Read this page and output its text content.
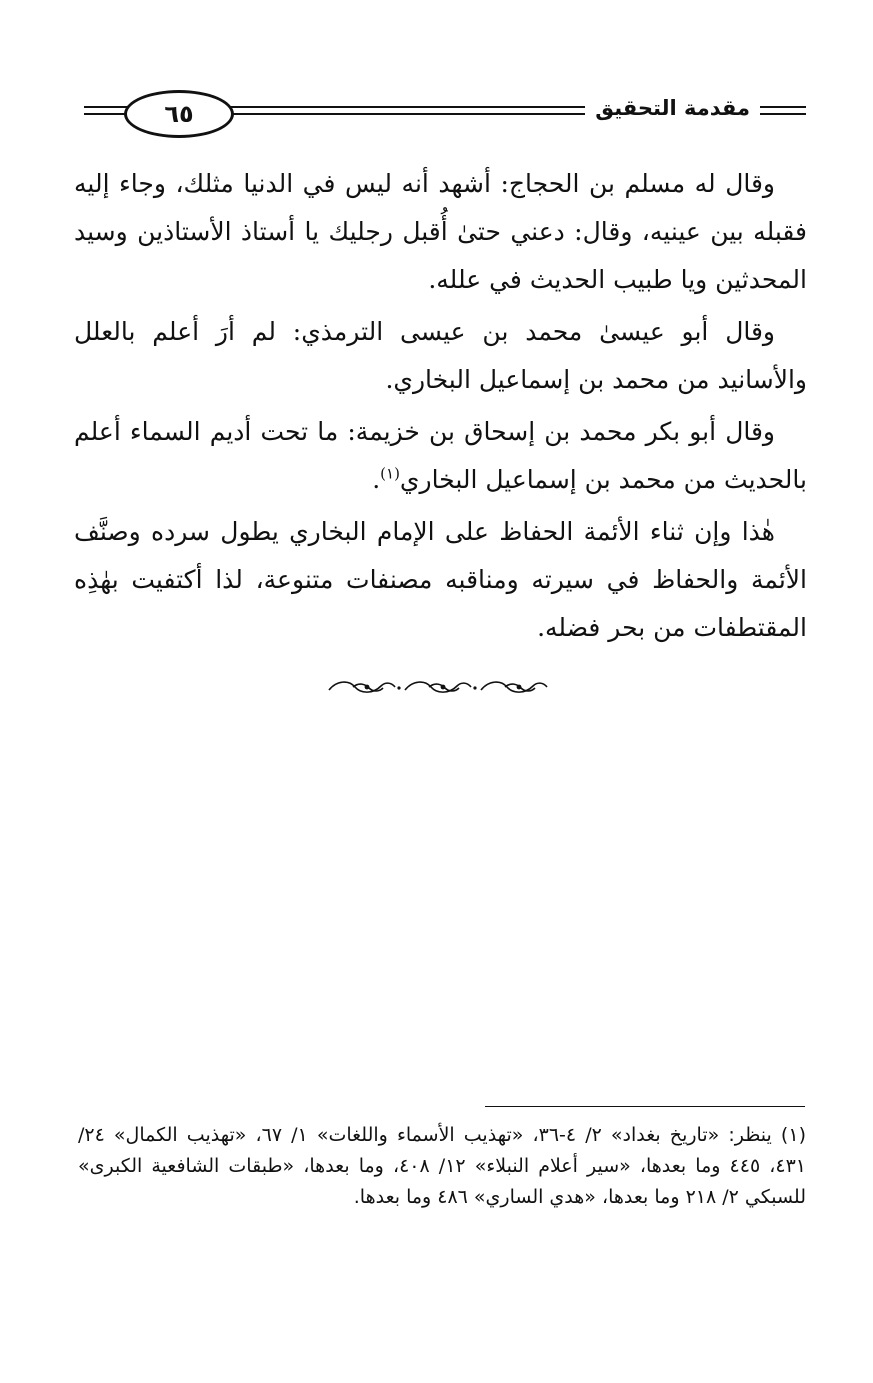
٦٥	مقدمة التحقيق

وقال له مسلم بن الحجاج: أشهد أنه ليس في الدنيا مثلك، وجاء إليه فقبله بين عينيه، وقال: دعني حتىٰ أُقبل رجليك يا أستاذ الأستاذين وسيد المحدثين ويا طبيب الحديث في علله.

وقال أبو عيسىٰ محمد بن عيسى الترمذي: لم أرَ أعلم بالعلل والأسانيد من محمد بن إسماعيل البخاري.

وقال أبو بكر محمد بن إسحاق بن خزيمة: ما تحت أديم السماء أعلم بالحديث من محمد بن إسماعيل البخاري$^{(١)}$.

هٰذا وإن ثناء الأئمة الحفاظ على الإمام البخاري يطول سرده وصنَّف الأئمة والحفاظ في سيرته ومناقبه مصنفات متنوعة، لذا أكتفيت بهٰذِه المقتطفات من بحر فضله.

(١) ينظر: «تاريخ بغداد» ٢/ ٤-٣٦، «تهذيب الأسماء واللغات» ١/ ٦٧، «تهذيب الكمال» ٢٤/ ٤٣١، ٤٤٥ وما بعدها، «سير أعلام النبلاء» ١٢/ ٤٠٨، وما بعدها، «طبقات الشافعية الكبرى» للسبكي ٢/ ٢١٨ وما بعدها، «هدي الساري» ٤٨٦ وما بعدها.
